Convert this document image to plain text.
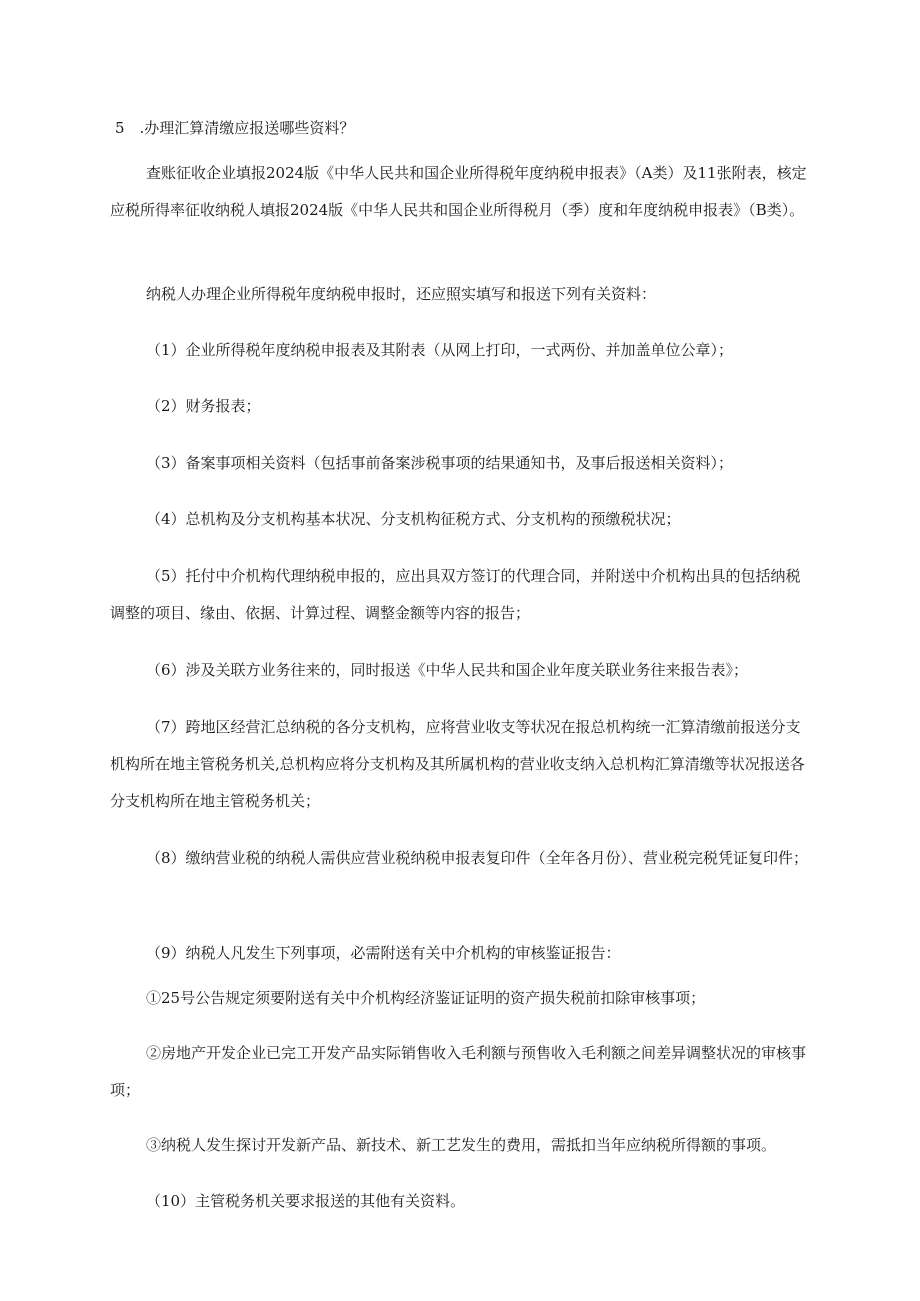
5　.办理汇算清缴应报送哪些资料？

查账征收企业填报2024版《中华人民共和国企业所得税年度纳税申报表》（A类）及11张附表，核定应税所得率征收纳税人填报2024版《中华人民共和国企业所得税月（季）度和年度纳税申报表》（B类）。

纳税人办理企业所得税年度纳税申报时，还应照实填写和报送下列有关资料：

（1）企业所得税年度纳税申报表及其附表（从网上打印，一式两份、并加盖单位公章）；

（2）财务报表；

（3）备案事项相关资料（包括事前备案涉税事项的结果通知书，及事后报送相关资料）；

（4）总机构及分支机构基本状况、分支机构征税方式、分支机构的预缴税状况；

（5）托付中介机构代理纳税申报的，应出具双方签订的代理合同，并附送中介机构出具的包括纳税调整的项目、缘由、依据、计算过程、调整金额等内容的报告；

（6）涉及关联方业务往来的，同时报送《中华人民共和国企业年度关联业务往来报告表》；

（7）跨地区经营汇总纳税的各分支机构，应将营业收支等状况在报总机构统一汇算清缴前报送分支机构所在地主管税务机关,总机构应将分支机构及其所属机构的营业收支纳入总机构汇算清缴等状况报送各分支机构所在地主管税务机关；

（8）缴纳营业税的纳税人需供应营业税纳税申报表复印件（全年各月份）、营业税完税凭证复印件；

（9）纳税人凡发生下列事项，必需附送有关中介机构的审核鉴证报告：

①25号公告规定须要附送有关中介机构经济鉴证证明的资产损失税前扣除审核事项；

②房地产开发企业已完工开发产品实际销售收入毛利额与预售收入毛利额之间差异调整状况的审核事项；

③纳税人发生探讨开发新产品、新技术、新工艺发生的费用，需抵扣当年应纳税所得额的事项。

（10）主管税务机关要求报送的其他有关资料。
